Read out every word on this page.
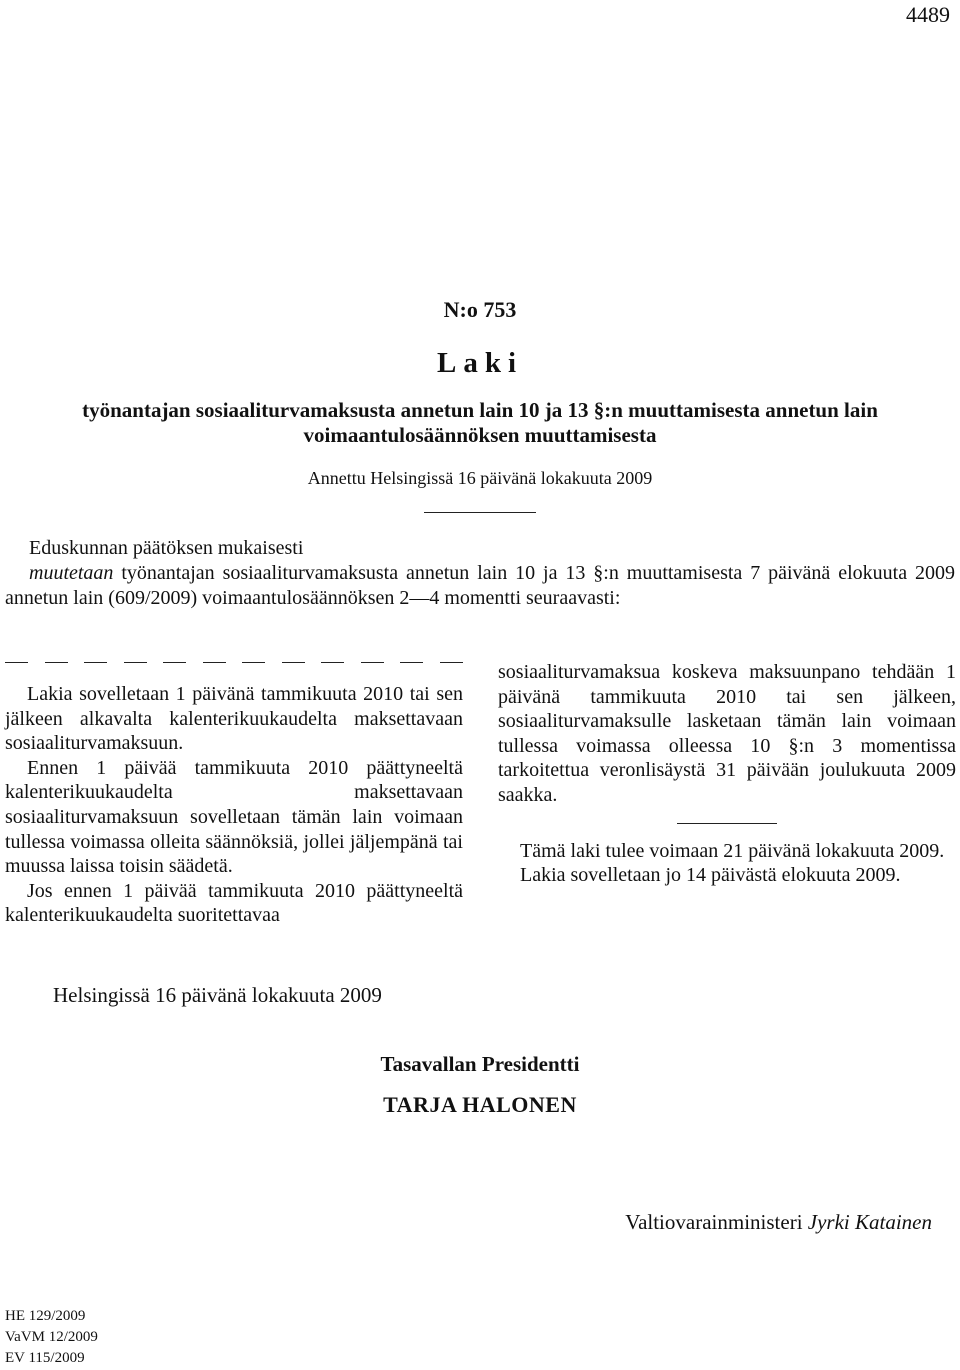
4489
N:o 753
Laki
työnantajan sosiaaliturvamaksusta annetun lain 10 ja 13 §:n muuttamisesta annetun lain
voimaantulosäännöksen muuttamisesta
Annettu Helsingissä 16 päivänä lokakuuta 2009
Eduskunnan päätöksen mukaisesti
muutetaan työnantajan sosiaaliturvamaksusta annetun lain 10 ja 13 §:n muuttamisesta 7 päivänä elokuuta 2009 annetun lain (609/2009) voimaantulosäännöksen 2—4 momentti seuraavasti:

Lakia sovelletaan 1 päivänä tammikuuta 2010 tai sen jälkeen alkavalta kalenterikuukaudelta maksettavaan sosiaaliturvamaksuun.

Ennen 1 päivää tammikuuta 2010 päättyneeltä kalenterikuukaudelta maksettavaan sosiaaliturvamaksuun sovelletaan tämän lain voimaan tullessa voimassa olleita säännöksiä, jollei jäljempänä tai muussa laissa toisin säädetä.

Jos ennen 1 päivää tammikuuta 2010 päättyneeltä kalenterikuukaudelta suoritettavaa

sosiaaliturvamaksua koskeva maksuunpano tehdään 1 päivänä tammikuuta 2010 tai sen jälkeen, sosiaaliturvamaksulle lasketaan tämän lain voimaan tullessa voimassa olleessa 10 §:n 3 momentissa tarkoitettua veronlisäystä 31 päivään joulukuuta 2009 saakka.

Tämä laki tulee voimaan 21 päivänä lokakuuta 2009.

Lakia sovelletaan jo 14 päivästä elokuuta 2009.

Helsingissä 16 päivänä lokakuuta 2009
Tasavallan Presidentti
TARJA HALONEN
Valtiovarainministeri Jyrki Katainen
HE 129/2009
VaVM 12/2009
EV 115/2009
